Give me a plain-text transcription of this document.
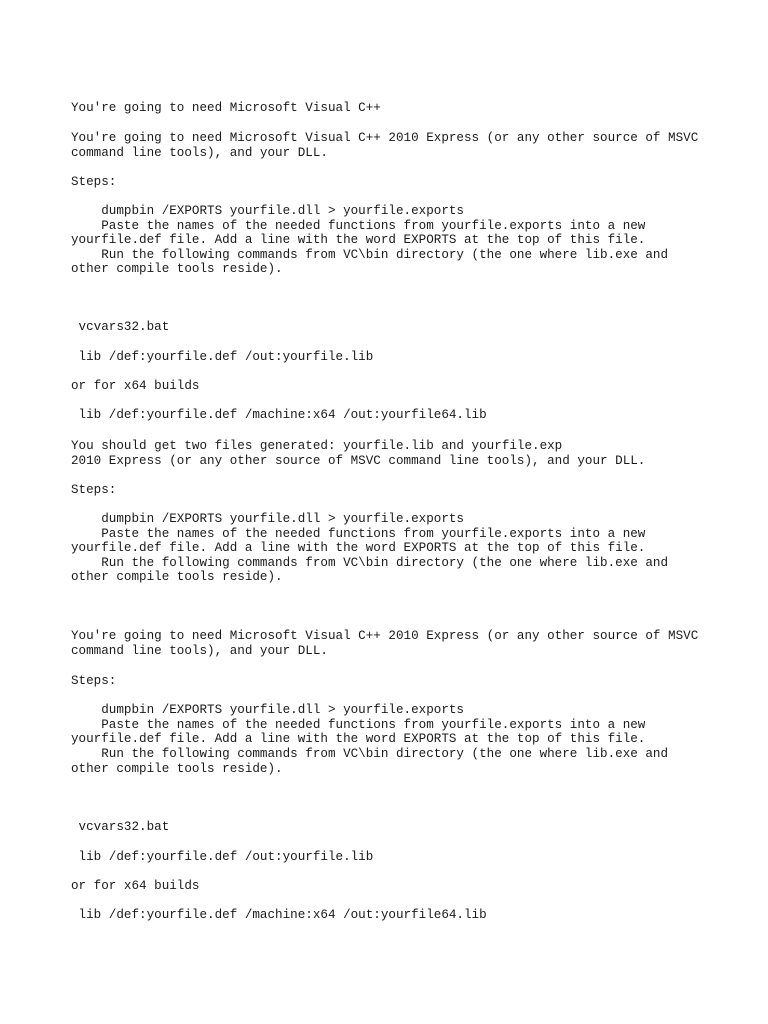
You're going to need Microsoft Visual C++
You're going to need Microsoft Visual C++ 2010 Express (or any other source of MSVC
command line tools), and your DLL.
Steps:
dumpbin /EXPORTS yourfile.dll > yourfile.exports
Paste the names of the needed functions from yourfile.exports into a new
yourfile.def file. Add a line with the word EXPORTS at the top of this file.
Run the following commands from VC\bin directory (the one where lib.exe and
other compile tools reside).
vcvars32.bat
lib /def:yourfile.def /out:yourfile.lib
or for x64 builds
lib /def:yourfile.def /machine:x64 /out:yourfile64.lib
You should get two files generated: yourfile.lib and yourfile.exp
2010 Express (or any other source of MSVC command line tools), and your DLL.
Steps:
dumpbin /EXPORTS yourfile.dll > yourfile.exports
Paste the names of the needed functions from yourfile.exports into a new
yourfile.def file. Add a line with the word EXPORTS at the top of this file.
Run the following commands from VC\bin directory (the one where lib.exe and
other compile tools reside).
You're going to need Microsoft Visual C++ 2010 Express (or any other source of MSVC
command line tools), and your DLL.
Steps:
dumpbin /EXPORTS yourfile.dll > yourfile.exports
Paste the names of the needed functions from yourfile.exports into a new
yourfile.def file. Add a line with the word EXPORTS at the top of this file.
Run the following commands from VC\bin directory (the one where lib.exe and
other compile tools reside).
vcvars32.bat
lib /def:yourfile.def /out:yourfile.lib
or for x64 builds
lib /def:yourfile.def /machine:x64 /out:yourfile64.lib
